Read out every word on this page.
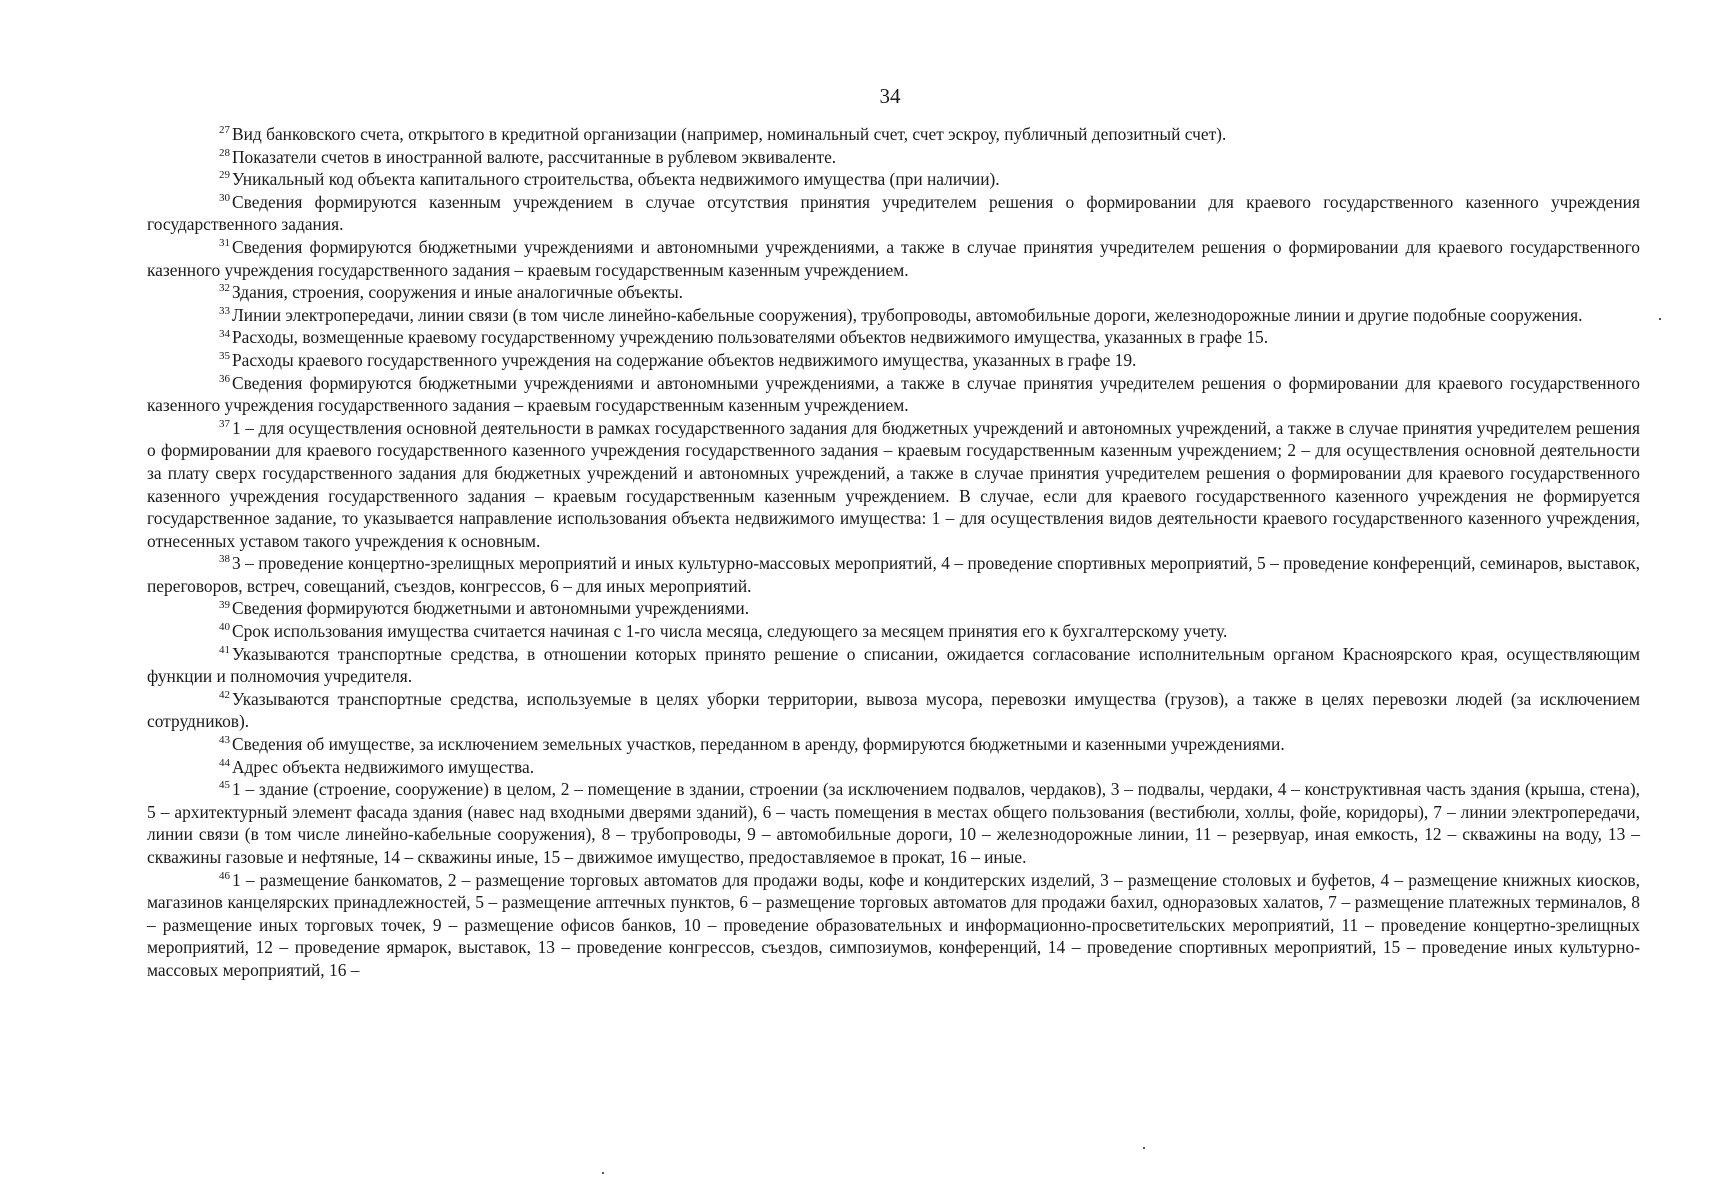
34

$^{27}$ Вид банковского счета, открытого в кредитной организации (например, номинальный счет, счет эскроу, публичный депозитный счет).

$^{28}$ Показатели счетов в иностранной валюте, рассчитанные в рублевом эквиваленте.

$^{29}$ Уникальный код объекта капитального строительства, объекта недвижимого имущества (при наличии).

$^{30}$ Сведения формируются казенным учреждением в случае отсутствия принятия учредителем решения о формировании для краевого государственного казенного учреждения государственного задания.

$^{31}$ Сведения формируются бюджетными учреждениями и автономными учреждениями, а также в случае принятия учредителем решения о формировании для краевого государственного казенного учреждения государственного задания – краевым государственным казенным учреждением.

$^{32}$ Здания, строения, сооружения и иные аналогичные объекты.

$^{33}$ Линии электропередачи, линии связи (в том числе линейно-кабельные сооружения), трубопроводы, автомобильные дороги, железнодорожные линии и другие подобные сооружения.

$^{34}$ Расходы, возмещенные краевому государственному учреждению пользователями объектов недвижимого имущества, указанных в графе 15.

$^{35}$ Расходы краевого государственного учреждения на содержание объектов недвижимого имущества, указанных в графе 19.

$^{36}$ Сведения формируются бюджетными учреждениями и автономными учреждениями, а также в случае принятия учредителем решения о формировании для краевого государственного казенного учреждения государственного задания – краевым государственным казенным учреждением.

$^{37}$ 1 – для осуществления основной деятельности в рамках государственного задания для бюджетных учреждений и автономных учреждений, а также в случае принятия учредителем решения о формировании для краевого государственного казенного учреждения государственного задания – краевым государственным казенным учреждением; 2 – для осуществления основной деятельности за плату сверх государственного задания для бюджетных учреждений и автономных учреждений, а также в случае принятия учредителем решения о формировании для краевого государственного казенного учреждения государственного задания – краевым государственным казенным учреждением. В случае, если для краевого государственного казенного учреждения не формируется государственное задание, то указывается направление использования объекта недвижимого имущества: 1 – для осуществления видов деятельности краевого государственного казенного учреждения, отнесенных уставом такого учреждения к основным.

$^{38}$ 3 – проведение концертно-зрелищных мероприятий и иных культурно-массовых мероприятий, 4 – проведение спортивных мероприятий, 5 – проведение конференций, семинаров, выставок, переговоров, встреч, совещаний, съездов, конгрессов, 6 – для иных мероприятий.

$^{39}$ Сведения формируются бюджетными и автономными учреждениями.

$^{40}$ Срок использования имущества считается начиная с 1-го числа месяца, следующего за месяцем принятия его к бухгалтерскому учету.

$^{41}$ Указываются транспортные средства, в отношении которых принято решение о списании, ожидается согласование исполнительным органом Красноярского края, осуществляющим функции и полномочия учредителя.

$^{42}$ Указываются транспортные средства, используемые в целях уборки территории, вывоза мусора, перевозки имущества (грузов), а также в целях перевозки людей (за исключением сотрудников).

$^{43}$ Сведения об имуществе, за исключением земельных участков, переданном в аренду, формируются бюджетными и казенными учреждениями.

$^{44}$ Адрес объекта недвижимого имущества.

$^{45}$ 1 – здание (строение, сооружение) в целом, 2 – помещение в здании, строении (за исключением подвалов, чердаков), 3 – подвалы, чердаки, 4 – конструктивная часть здания (крыша, стена), 5 – архитектурный элемент фасада здания (навес над входными дверями зданий), 6 – часть помещения в местах общего пользования (вестибюли, холлы, фойе, коридоры), 7 – линии электропередачи, линии связи (в том числе линейно-кабельные сооружения), 8 – трубопроводы, 9 – автомобильные дороги, 10 – железнодорожные линии, 11 – резервуар, иная емкость, 12 – скважины на воду, 13 – скважины газовые и нефтяные, 14 – скважины иные, 15 – движимое имущество, предоставляемое в прокат, 16 – иные.

$^{46}$ 1 – размещение банкоматов, 2 – размещение торговых автоматов для продажи воды, кофе и кондитерских изделий, 3 – размещение столовых и буфетов, 4 – размещение книжных киосков, магазинов канцелярских принадлежностей, 5 – размещение аптечных пунктов, 6 – размещение торговых автоматов для продажи бахил, одноразовых халатов, 7 – размещение платежных терминалов, 8 – размещение иных торговых точек, 9 – размещение офисов банков, 10 – проведение образовательных и информационно-просветительских мероприятий, 11 – проведение концертно-зрелищных мероприятий, 12 – проведение ярмарок, выставок, 13 – проведение конгрессов, съездов, симпозиумов, конференций, 14 – проведение спортивных мероприятий, 15 – проведение иных культурно-массовых мероприятий, 16 –
